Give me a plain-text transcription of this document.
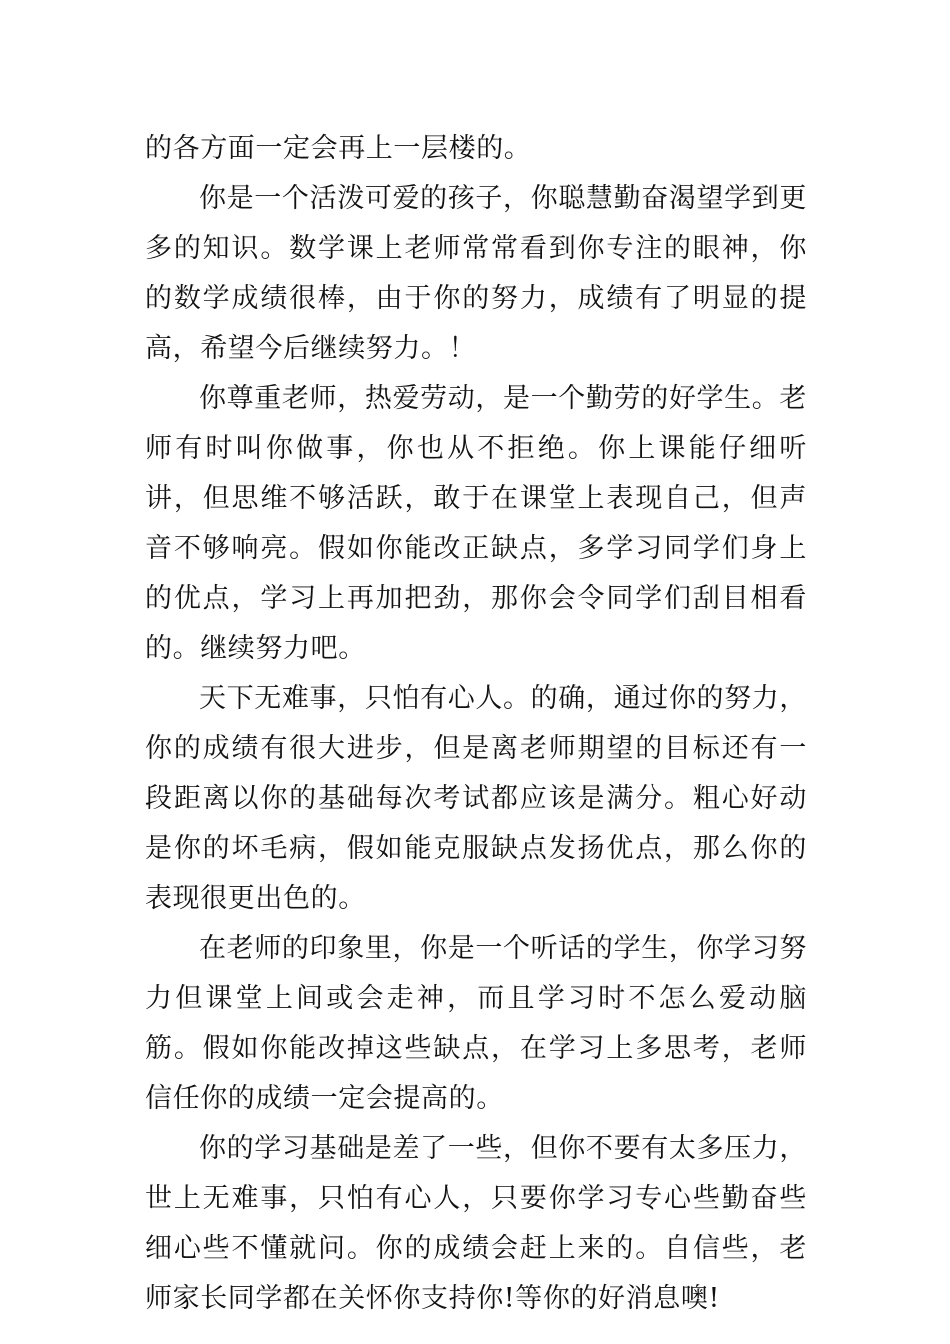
的各方面一定会再上一层楼的。

你是一个活泼可爱的孩子，你聪慧勤奋渴望学到更多的知识。数学课上老师常常看到你专注的眼神，你的数学成绩很棒，由于你的努力，成绩有了明显的提高，希望今后继续努力。！

你尊重老师，热爱劳动，是一个勤劳的好学生。老师有时叫你做事，你也从不拒绝。你上课能仔细听讲，但思维不够活跃，敢于在课堂上表现自己，但声音不够响亮。假如你能改正缺点，多学习同学们身上的优点，学习上再加把劲，那你会令同学们刮目相看的。继续努力吧。

天下无难事，只怕有心人。的确，通过你的努力，你的成绩有很大进步，但是离老师期望的目标还有一段距离以你的基础每次考试都应该是满分。粗心好动是你的坏毛病，假如能克服缺点发扬优点，那么你的表现很更出色的。

在老师的印象里，你是一个听话的学生，你学习努力但课堂上间或会走神，而且学习时不怎么爱动脑筋。假如你能改掉这些缺点，在学习上多思考，老师信任你的成绩一定会提高的。

你的学习基础是差了一些，但你不要有太多压力， 世上无难事，只怕有心人，只要你学习专心些勤奋些细心些不懂就问。你的成绩会赶上来的。自信些，老师家长同学都在关怀你支持你!等你的好消息噢!
